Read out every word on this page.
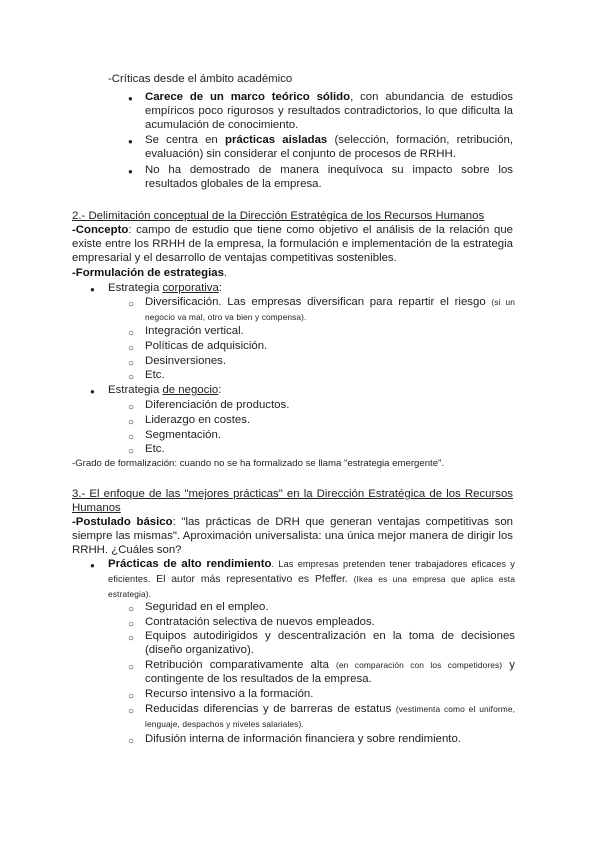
-Críticas desde el ámbito académico
●
Carece de un marco teórico sólido, con abundancia de estudios empíricos poco rigurosos y resultados contradictorios, lo que dificulta la acumulación de conocimiento.
●
Se centra en prácticas aisladas (selección, formación, retribución, evaluación) sin considerar el conjunto de procesos de RRHH.
●
No ha demostrado de manera inequívoca su impacto sobre los resultados globales de la empresa.
2.- Delimitación conceptual de la Dirección Estratégica de los Recursos Humanos
-Concepto: campo de estudio que tiene como objetivo el análisis de la relación que existe entre los RRHH de la empresa, la formulación e implementación de la estrategia empresarial y el desarrollo de ventajas competitivas sostenibles.
-Formulación de estrategias.
●
Estrategia corporativa:
○
Diversificación. Las empresas diversifican para repartir el riesgo (si un negocio va mal, otro va bien y compensa).
○
Integración vertical.
○
Políticas de adquisición.
○
Desinversiones.
○
Etc.
●
Estrategia de negocio:
○
Diferenciación de productos.
○
Liderazgo en costes.
○
Segmentación.
○
Etc.
-Grado de formalización: cuando no se ha formalizado se llama "estrategia emergente".
3.- El enfoque de las "mejores prácticas" en la Dirección Estratégica de los Recursos Humanos
-Postulado básico: "las prácticas de DRH que generan ventajas competitivas son siempre las mismas". Aproximación universalista: una única mejor manera de dirigir los RRHH. ¿Cuáles son?
●
Prácticas de alto rendimiento. Las empresas pretenden tener trabajadores eficaces y eficientes. El autor más representativo es Pfeffer. (Ikea es una empresa que aplica esta estrategia).
○
Seguridad en el empleo.
○
Contratación selectiva de nuevos empleados.
○
Equipos autodirigidos y descentralización en la toma de decisiones (diseño organizativo).
○
Retribución comparativamente alta (en comparación con los competidores) y contingente de los resultados de la empresa.
○
Recurso intensivo a la formación.
○
Reducidas diferencias y de barreras de estatus (vestimenta como el uniforme, lenguaje, despachos y niveles salariales).
○
Difusión interna de información financiera y sobre rendimiento.
